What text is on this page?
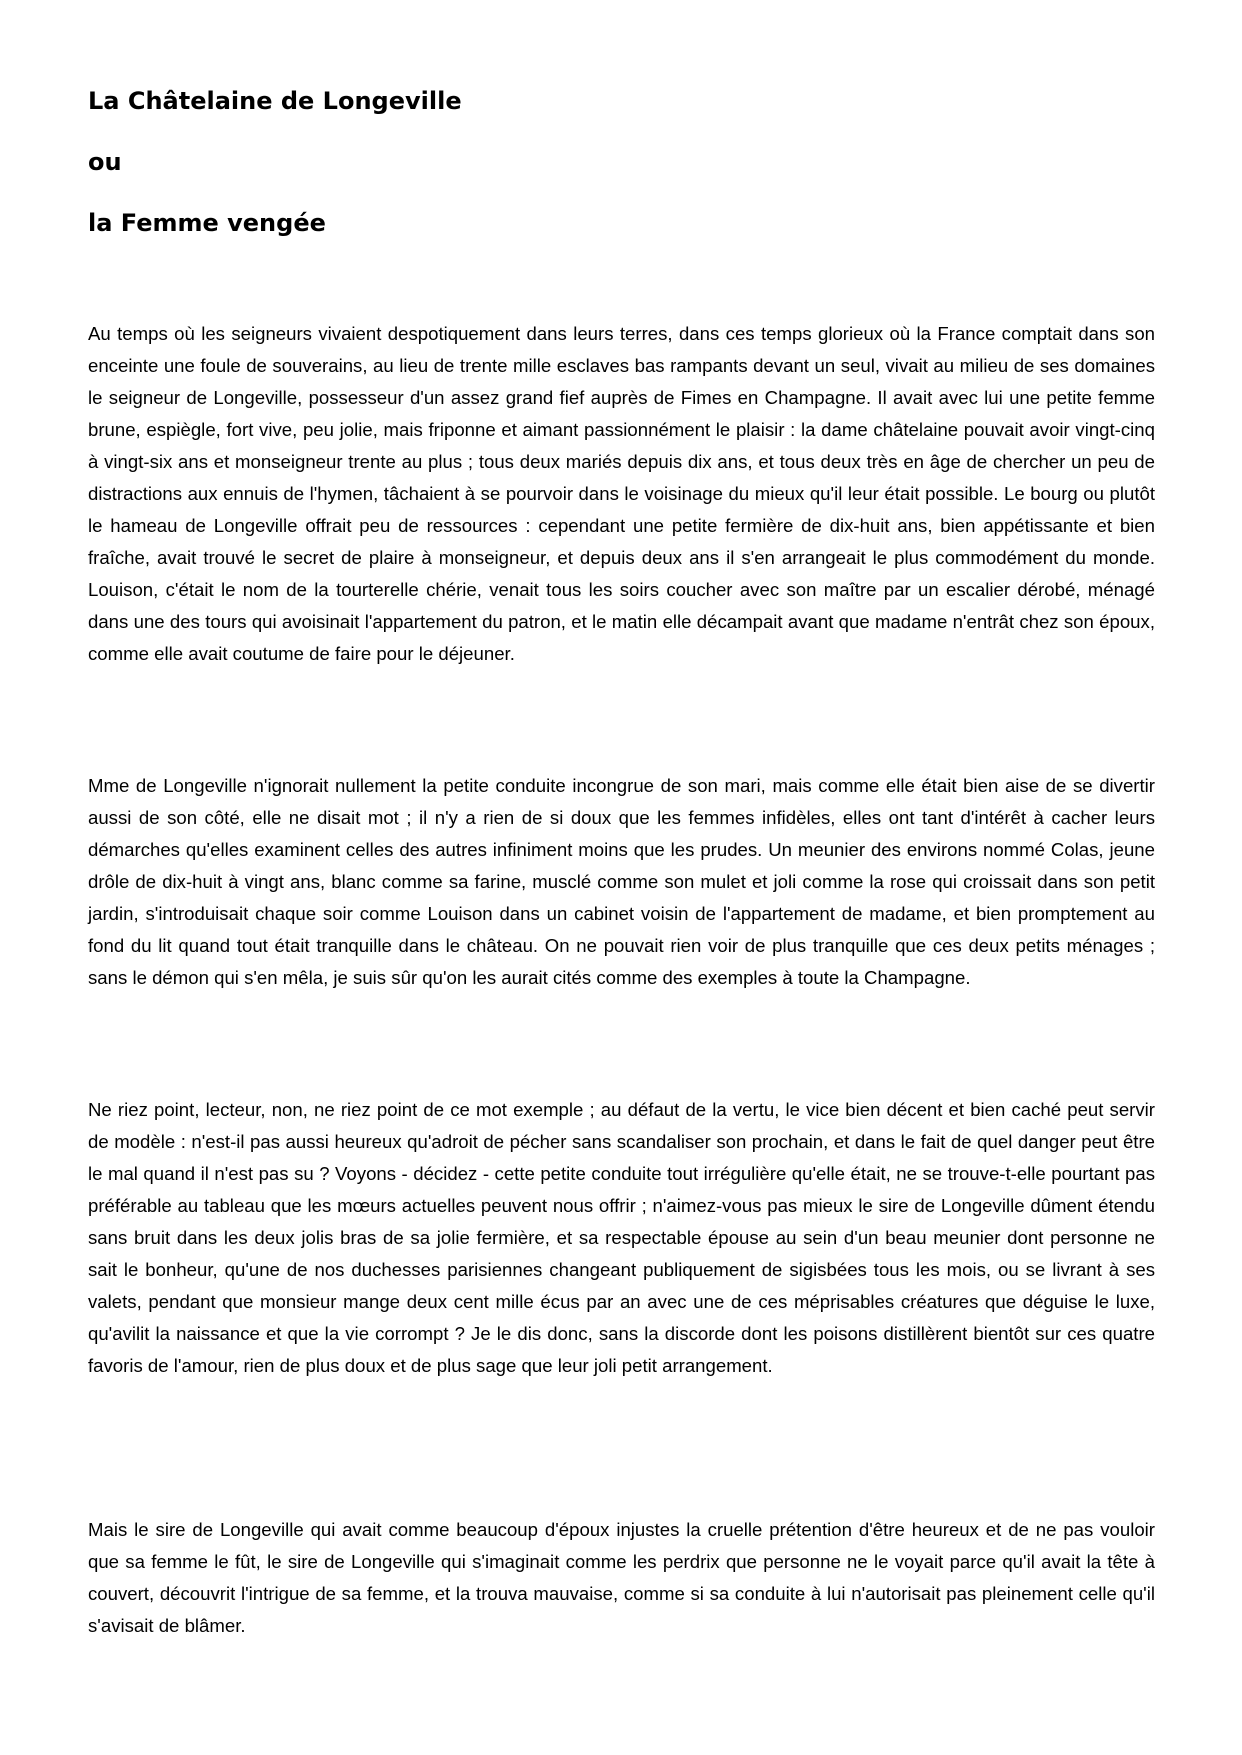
La Châtelaine de Longeville
ou
la Femme vengée

Au temps où les seigneurs vivaient despotiquement dans leurs terres, dans ces temps glorieux où la France comptait dans son enceinte une foule de souverains, au lieu de trente mille esclaves bas rampants devant un seul, vivait au milieu de ses domaines le seigneur de Longeville, possesseur d'un assez grand fief auprès de Fimes en Champagne. Il avait avec lui une petite femme brune, espiègle, fort vive, peu jolie, mais friponne et aimant passionnément le plaisir : la dame châtelaine pouvait avoir vingt-cinq à vingt-six ans et monseigneur trente au plus ; tous deux mariés depuis dix ans, et tous deux très en âge de chercher un peu de distractions aux ennuis de l'hymen, tâchaient à se pourvoir dans le voisinage du mieux qu'il leur était possible. Le bourg ou plutôt le hameau de Longeville offrait peu de ressources : cependant une petite fermière de dix-huit ans, bien appétissante et bien fraîche, avait trouvé le secret de plaire à monseigneur, et depuis deux ans il s'en arrangeait le plus commodément du monde. Louison, c'était le nom de la tourterelle chérie, venait tous les soirs coucher avec son maître par un escalier dérobé, ménagé dans une des tours qui avoisinait l'appartement du patron, et le matin elle décampait avant que madame n'entrât chez son époux, comme elle avait coutume de faire pour le déjeuner.

Mme de Longeville n'ignorait nullement la petite conduite incongrue de son mari, mais comme elle était bien aise de se divertir aussi de son côté, elle ne disait mot ; il n'y a rien de si doux que les femmes infidèles, elles ont tant d'intérêt à cacher leurs démarches qu'elles examinent celles des autres infiniment moins que les prudes. Un meunier des environs nommé Colas, jeune drôle de dix-huit à vingt ans, blanc comme sa farine, musclé comme son mulet et joli comme la rose qui croissait dans son petit jardin, s'introduisait chaque soir comme Louison dans un cabinet voisin de l'appartement de madame, et bien promptement au fond du lit quand tout était tranquille dans le château. On ne pouvait rien voir de plus tranquille que ces deux petits ménages ; sans le démon qui s'en mêla, je suis sûr qu'on les aurait cités comme des exemples à toute la Champagne.

Ne riez point, lecteur, non, ne riez point de ce mot exemple ; au défaut de la vertu, le vice bien décent et bien caché peut servir de modèle : n'est-il pas aussi heureux qu'adroit de pécher sans scandaliser son prochain, et dans le fait de quel danger peut être le mal quand il n'est pas su ? Voyons - décidez - cette petite conduite tout irrégulière qu'elle était, ne se trouve-t-elle pourtant pas préférable au tableau que les mœurs actuelles peuvent nous offrir ; n'aimez-vous pas mieux le sire de Longeville dûment étendu sans bruit dans les deux jolis bras de sa jolie fermière, et sa respectable épouse au sein d'un beau meunier dont personne ne sait le bonheur, qu'une de nos duchesses parisiennes changeant publiquement de sigisbées tous les mois, ou se livrant à ses valets, pendant que monsieur mange deux cent mille écus par an avec une de ces méprisables créatures que déguise le luxe, qu'avilit la naissance et que la vie corrompt ? Je le dis donc, sans la discorde dont les poisons distillèrent bientôt sur ces quatre favoris de l'amour, rien de plus doux et de plus sage que leur joli petit arrangement.

Mais le sire de Longeville qui avait comme beaucoup d'époux injustes la cruelle prétention d'être heureux et de ne pas vouloir que sa femme le fût, le sire de Longeville qui s'imaginait comme les perdrix que personne ne le voyait parce qu'il avait la tête à couvert, découvrit l'intrigue de sa femme, et la trouva mauvaise, comme si sa conduite à lui n'autorisait pas pleinement celle qu'il s'avisait de blâmer.
